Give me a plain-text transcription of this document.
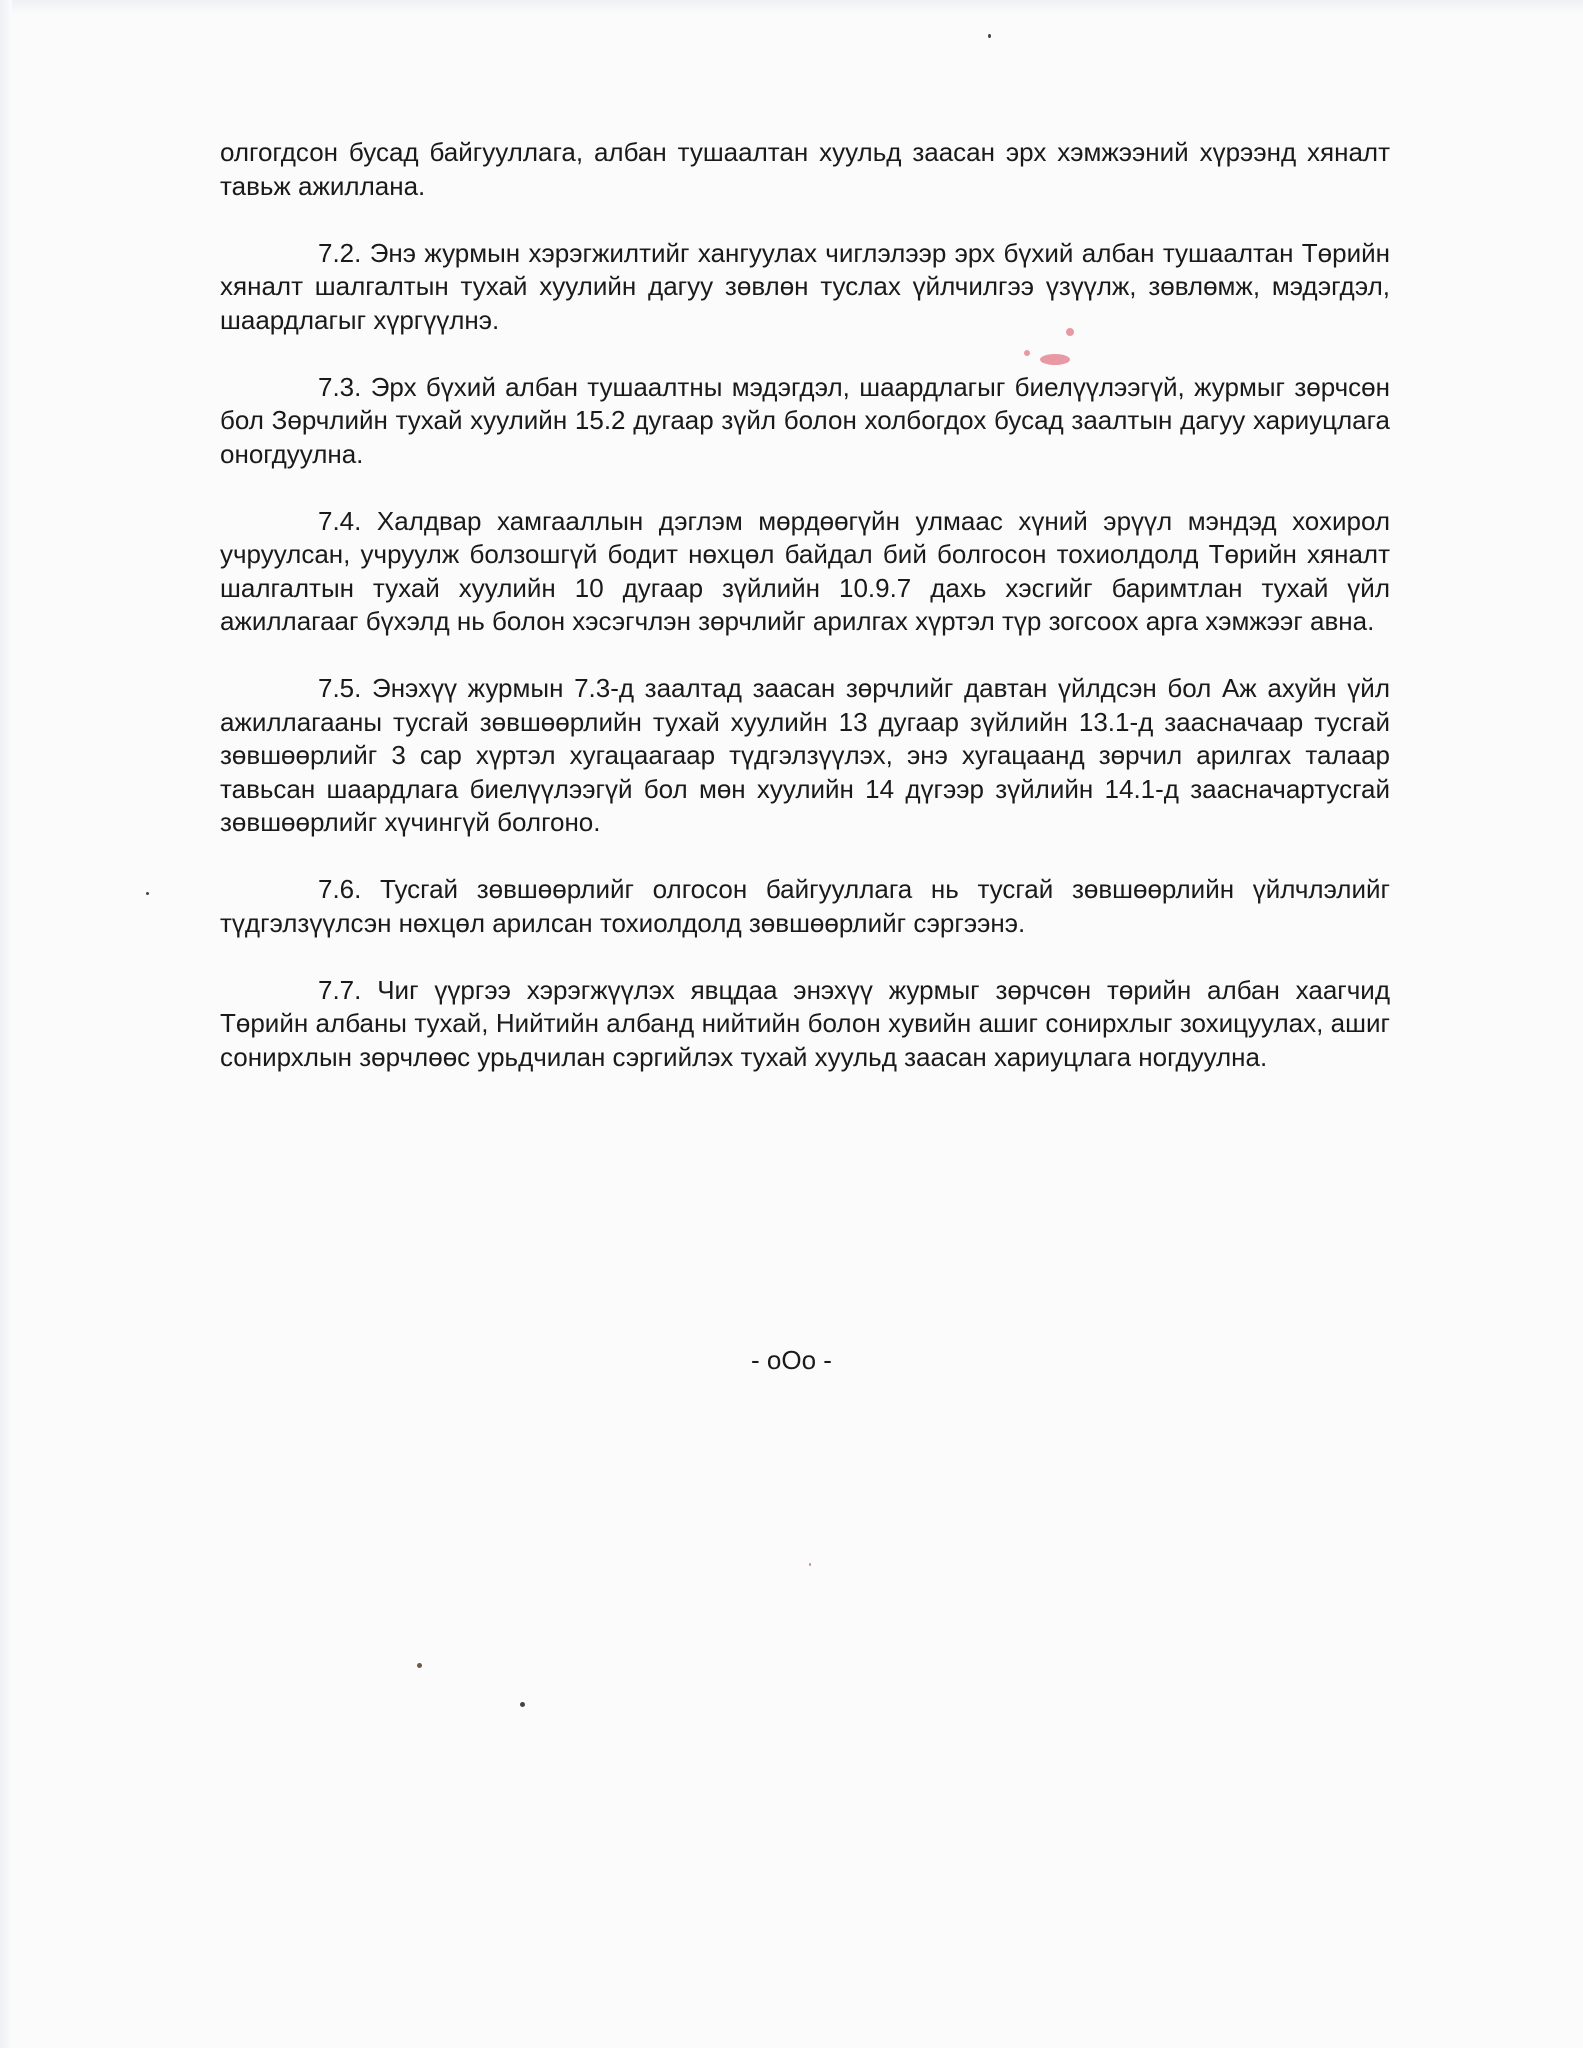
олгогдсон бусад байгууллага, албан тушаалтан хуульд заасан эрх хэмжээний хүрээнд хяналт тавьж ажиллана.

7.2. Энэ журмын хэрэгжилтийг хангуулах чиглэлээр эрх бүхий албан тушаалтан Төрийн хяналт шалгалтын тухай хуулийн дагуу зөвлөн туслах үйлчилгээ үзүүлж, зөвлөмж, мэдэгдэл, шаардлагыг хүргүүлнэ.

7.3. Эрх бүхий албан тушаалтны мэдэгдэл, шаардлагыг биелүүлээгүй, журмыг зөрчсөн бол Зөрчлийн тухай хуулийн 15.2 дугаар зүйл болон холбогдох бусад заалтын дагуу хариуцлага оногдуулна.

7.4. Халдвар хамгааллын дэглэм мөрдөөгүйн улмаас хүний эрүүл мэндэд хохирол учруулсан, учруулж болзошгүй бодит нөхцөл байдал бий болгосон тохиолдолд Төрийн хяналт шалгалтын тухай хуулийн 10 дугаар зүйлийн 10.9.7 дахь хэсгийг баримтлан тухай үйл ажиллагааг бүхэлд нь болон хэсэгчлэн зөрчлийг арилгах хүртэл түр зогсоох арга хэмжээг авна.

7.5. Энэхүү журмын 7.3-д заалтад заасан зөрчлийг давтан үйлдсэн бол Аж ахуйн үйл ажиллагааны тусгай зөвшөөрлийн тухай хуулийн 13 дугаар зүйлийн 13.1-д заасначаар тусгай зөвшөөрлийг 3 сар хүртэл хугацаагаар түдгэлзүүлэх, энэ хугацаанд зөрчил арилгах талаар тавьсан шаардлага биелүүлээгүй бол мөн хуулийн 14 дүгээр зүйлийн 14.1-д заасначартусгай зөвшөөрлийг хүчингүй болгоно.

7.6. Тусгай зөвшөөрлийг олгосон байгууллага нь тусгай зөвшөөрлийн үйлчлэлийг түдгэлзүүлсэн нөхцөл арилсан тохиолдолд зөвшөөрлийг сэргээнэ.

7.7. Чиг үүргээ хэрэгжүүлэх явцдаа энэхүү журмыг зөрчсөн төрийн албан хаагчид Төрийн албаны тухай, Нийтийн албанд нийтийн болон хувийн ашиг сонирхлыг зохицуулах, ашиг сонирхлын зөрчлөөс урьдчилан сэргийлэх тухай хуульд заасан хариуцлага ногдуулна.

- oOo -
